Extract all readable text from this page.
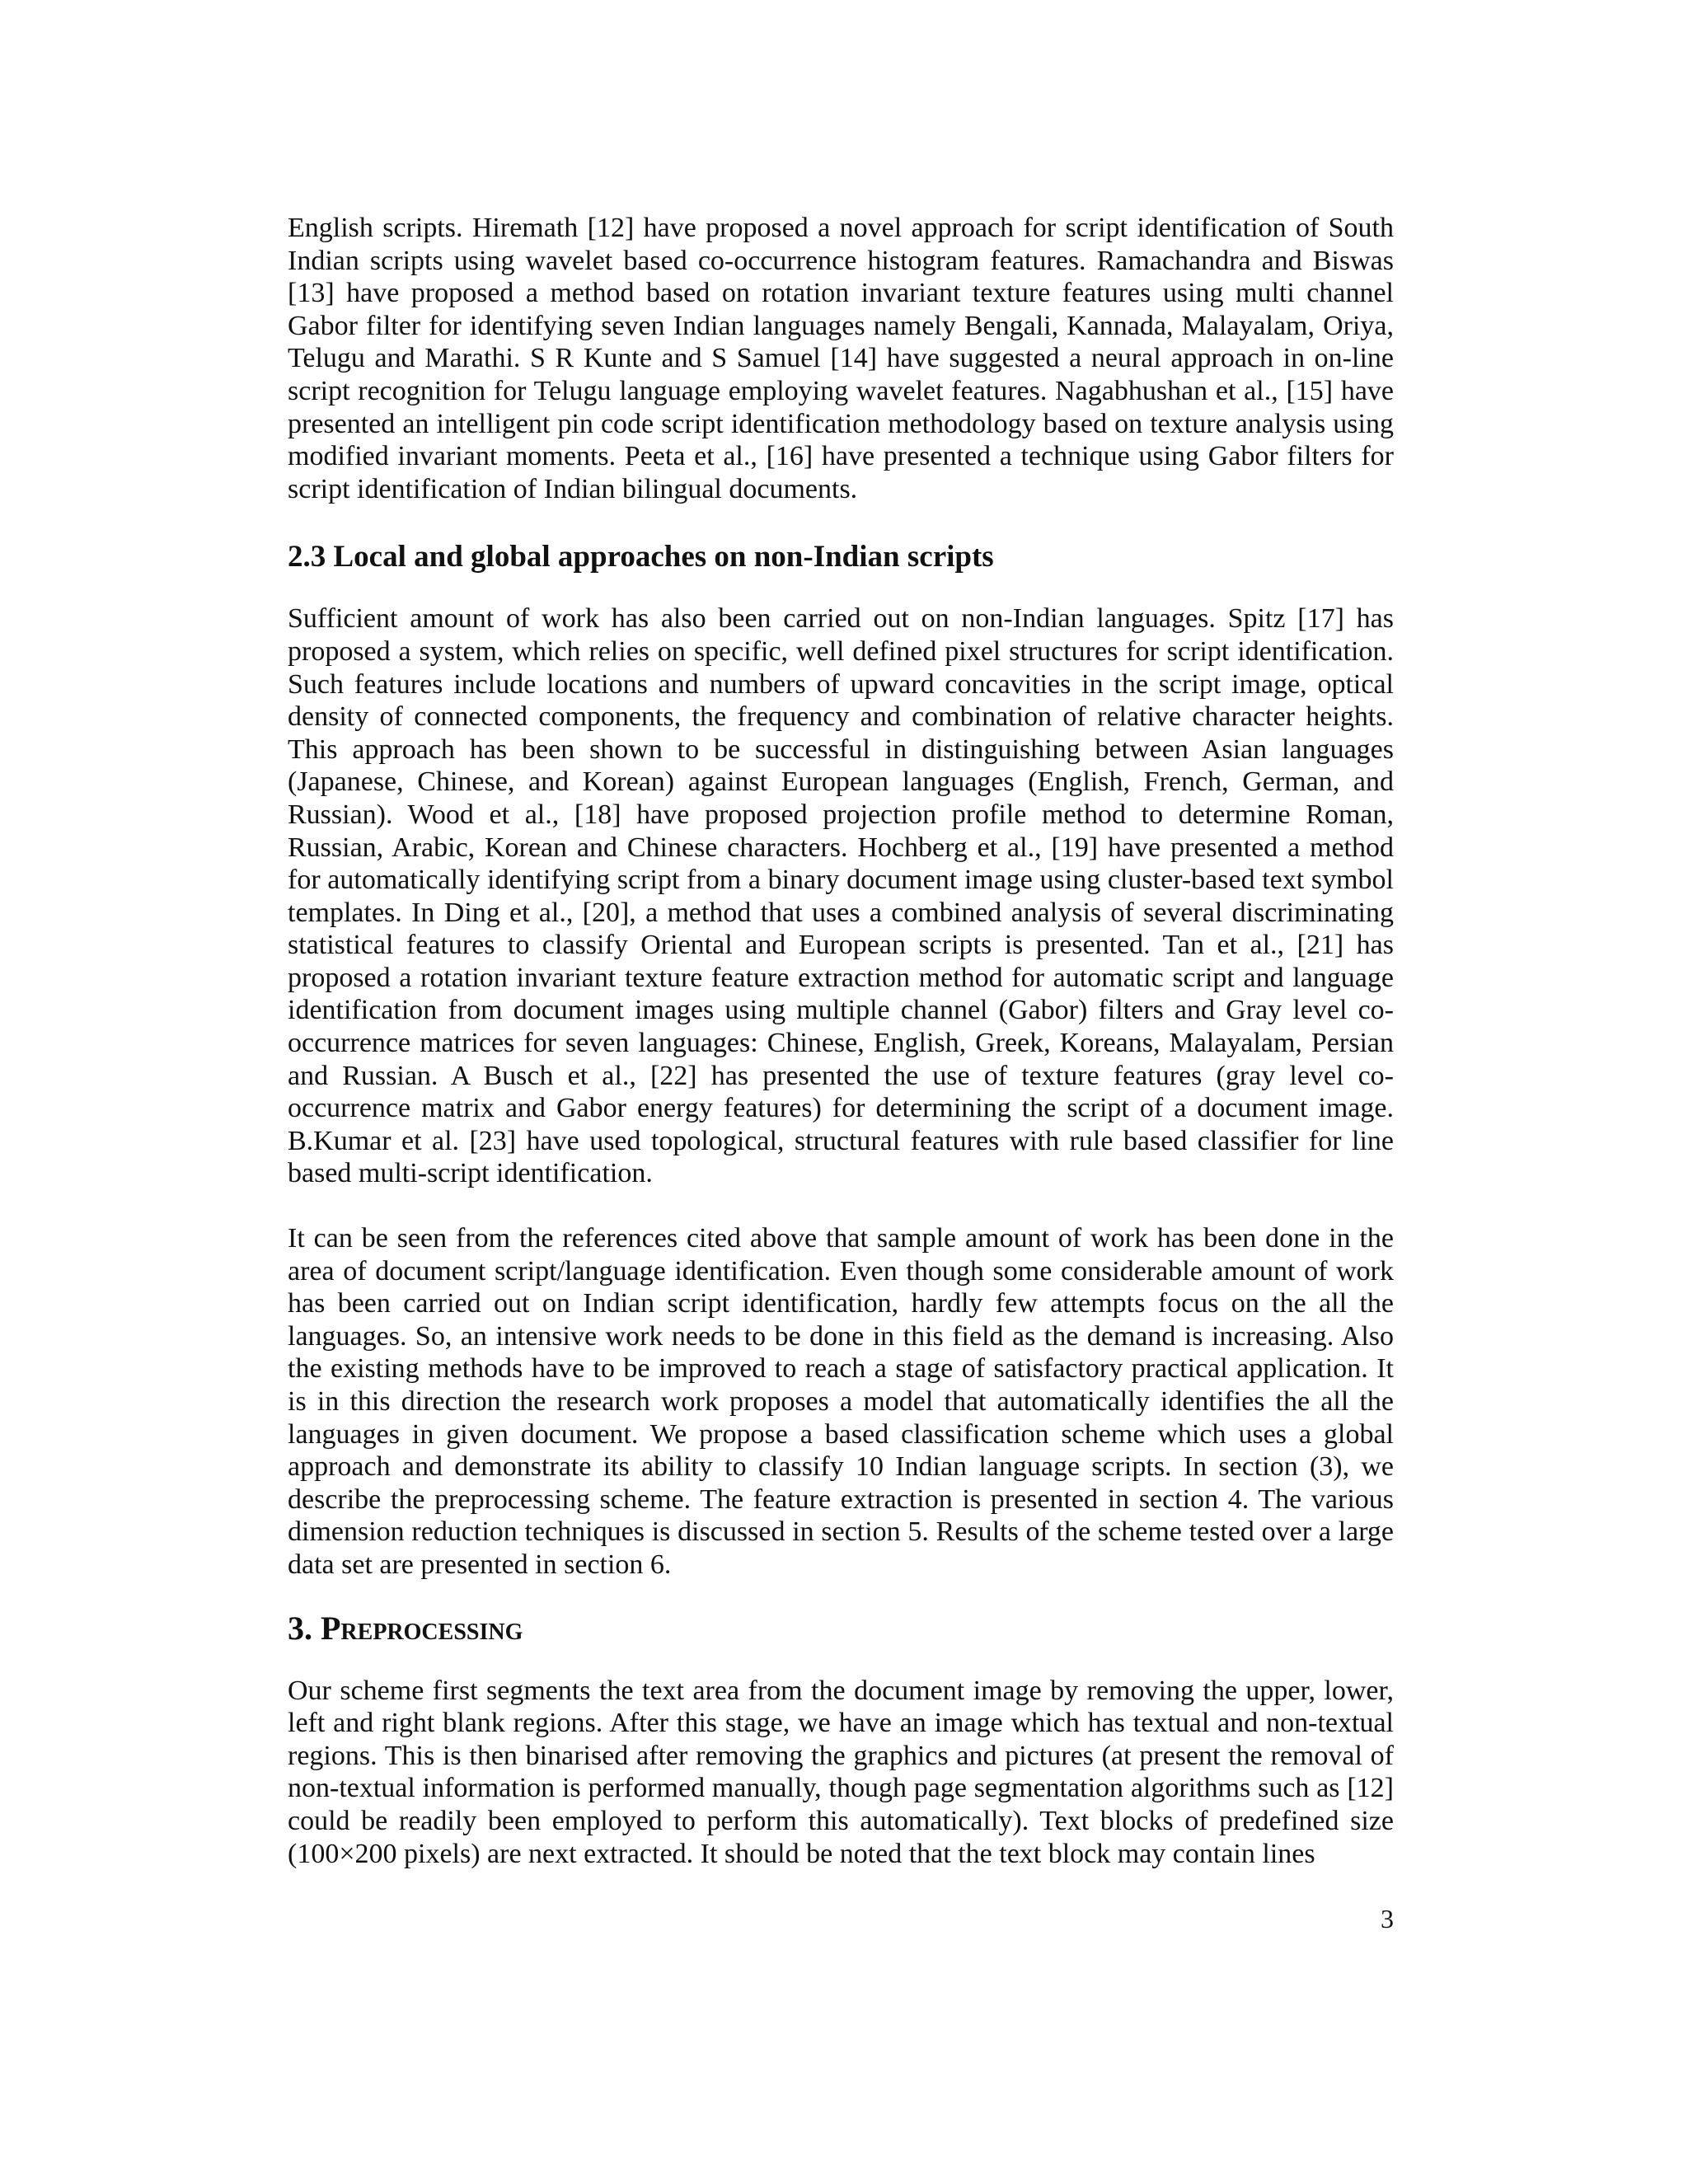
English scripts. Hiremath [12] have proposed a novel approach for script identification of South Indian scripts using wavelet based co-occurrence histogram features. Ramachandra and Biswas [13] have proposed a method based on rotation invariant texture features using multi channel Gabor filter for identifying seven Indian languages namely Bengali, Kannada, Malayalam, Oriya, Telugu and Marathi. S R Kunte and S Samuel [14] have suggested a neural approach in on-line script recognition for Telugu language employing wavelet features. Nagabhushan et al., [15] have presented an intelligent pin code script identification methodology based on texture analysis using modified invariant moments. Peeta et al., [16] have presented a technique using Gabor filters for script identification of Indian bilingual documents.

2.3 Local and global approaches on non-Indian scripts

Sufficient amount of work has also been carried out on non-Indian languages. Spitz [17] has proposed a system, which relies on specific, well defined pixel structures for script identification. Such features include locations and numbers of upward concavities in the script image, optical density of connected components, the frequency and combination of relative character heights. This approach has been shown to be successful in distinguishing between Asian languages (Japanese, Chinese, and Korean) against European languages (English, French, German, and Russian). Wood et al., [18] have proposed projection profile method to determine Roman, Russian, Arabic, Korean and Chinese characters. Hochberg et al., [19] have presented a method for automatically identifying script from a binary document image using cluster-based text symbol templates. In Ding et al., [20], a method that uses a combined analysis of several discriminating statistical features to classify Oriental and European scripts is presented. Tan et al., [21] has proposed a rotation invariant texture feature extraction method for automatic script and language identification from document images using multiple channel (Gabor) filters and Gray level co-occurrence matrices for seven languages: Chinese, English, Greek, Koreans, Malayalam, Persian and Russian. A Busch et al., [22] has presented the use of texture features (gray level co-occurrence matrix and Gabor energy features) for determining the script of a document image. B.Kumar et al. [23] have used topological, structural features with rule based classifier for line based multi-script identification.

It can be seen from the references cited above that sample amount of work has been done in the area of document script/language identification. Even though some considerable amount of work has been carried out on Indian script identification, hardly few attempts focus on the all the languages. So, an intensive work needs to be done in this field as the demand is increasing. Also the existing methods have to be improved to reach a stage of satisfactory practical application. It is in this direction the research work proposes a model that automatically identifies the all the languages in given document. We propose a based classification scheme which uses a global approach and demonstrate its ability to classify 10 Indian language scripts. In section (3), we describe the preprocessing scheme. The feature extraction is presented in section 4. The various dimension reduction techniques is discussed in section 5. Results of the scheme tested over a large data set are presented in section 6.

3. Preprocessing

Our scheme first segments the text area from the document image by removing the upper, lower, left and right blank regions. After this stage, we have an image which has textual and non-textual regions. This is then binarised after removing the graphics and pictures (at present the removal of non-textual information is performed manually, though page segmentation algorithms such as [12] could be readily been employed to perform this automatically). Text blocks of predefined size (100×200 pixels) are next extracted. It should be noted that the text block may contain lines

3
